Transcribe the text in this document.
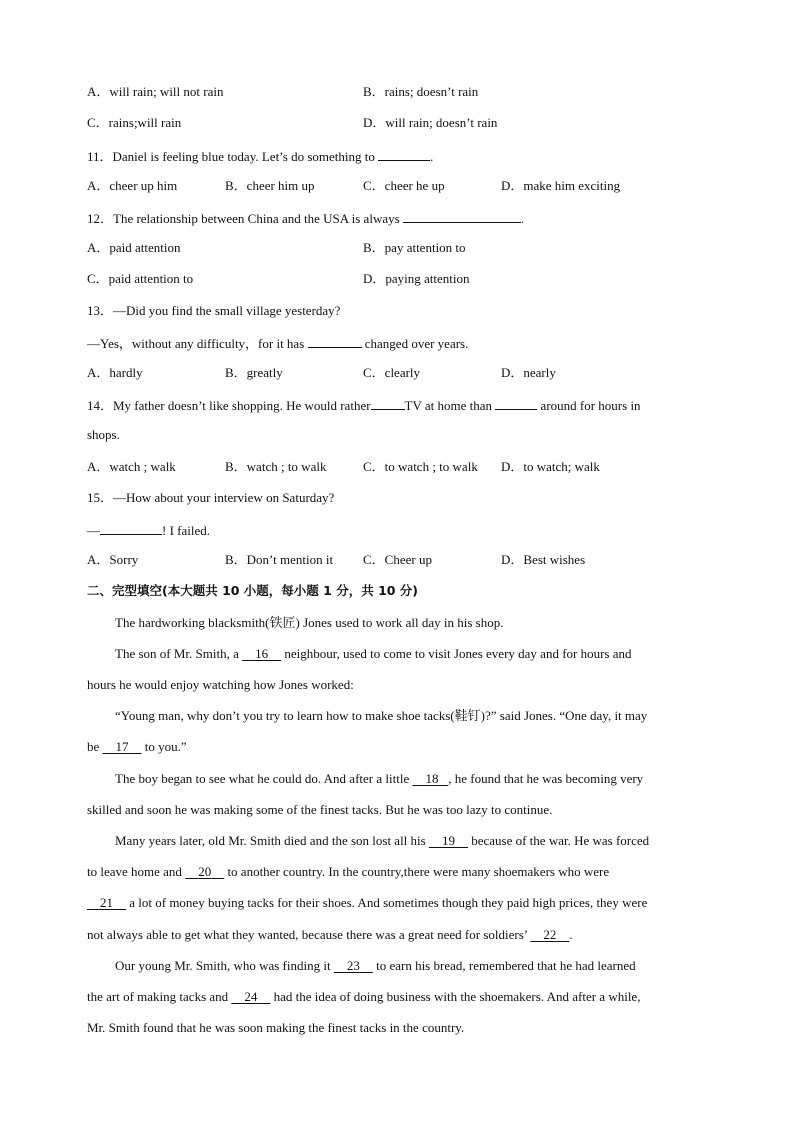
A．will rain; will not rain	B．rains; doesn’t rain
C．rains;will rain	D．will rain; doesn’t rain
11．Daniel is feeling blue today. Let’s do something to	.
A．cheer up him	B．cheer him up	C．cheer he up	D．make him exciting
12．The relationship between China and the USA is always	.
A．paid attention	B．pay attention to
C．paid attention to	D．paying attention
13．—Did you find the small village yesterday?
—Yes，without any difficulty，for it has	changed over years.
A．hardly	B．greatly	C．clearly	D．nearly
14．My father doesn’t like shopping. He would rather	TV at home than	around for hours in
shops.
A．watch ; walk	B．watch ; to walk	C．to watch ; to walk D．to watch; walk
15．—How about your interview on Saturday?
—	! I failed.
A．Sorry	B．Don’t mention it C．Cheer up	D．Best wishes
二、完型填空(本大题共 10 小题，每小题 1 分，共 10 分)
The hardworking blacksmith(铁匠) Jones used to work all day in his shop.
The son of Mr. Smith, a 16 neighbour, used to come to visit Jones every day and for hours and
hours he would enjoy watching how Jones worked:
“Young man, why don’t you try to learn how to make shoe tacks(鞋钉)?” said Jones. “One day, it may
be 17 to you.”
The boy began to see what he could do. And after a little 18 , he found that he was becoming very
skilled and soon he was making some of the finest tacks. But he was too lazy to continue.
Many years later, old Mr. Smith died and the son lost all his 19 because of the war. He was forced
to leave home and 20 to another country. In the country,there were many shoemakers who were
21 a lot of money buying tacks for their shoes. And sometimes though they paid high prices, they were
not always able to get what they wanted, because there was a great need for soldiers’ 22 .
Our young Mr. Smith, who was finding it 23 to earn his bread, remembered that he had learned
the art of making tacks and 24 had the idea of doing business with the shoemakers. And after a while,
Mr. Smith found that he was soon making the finest tacks in the country.
